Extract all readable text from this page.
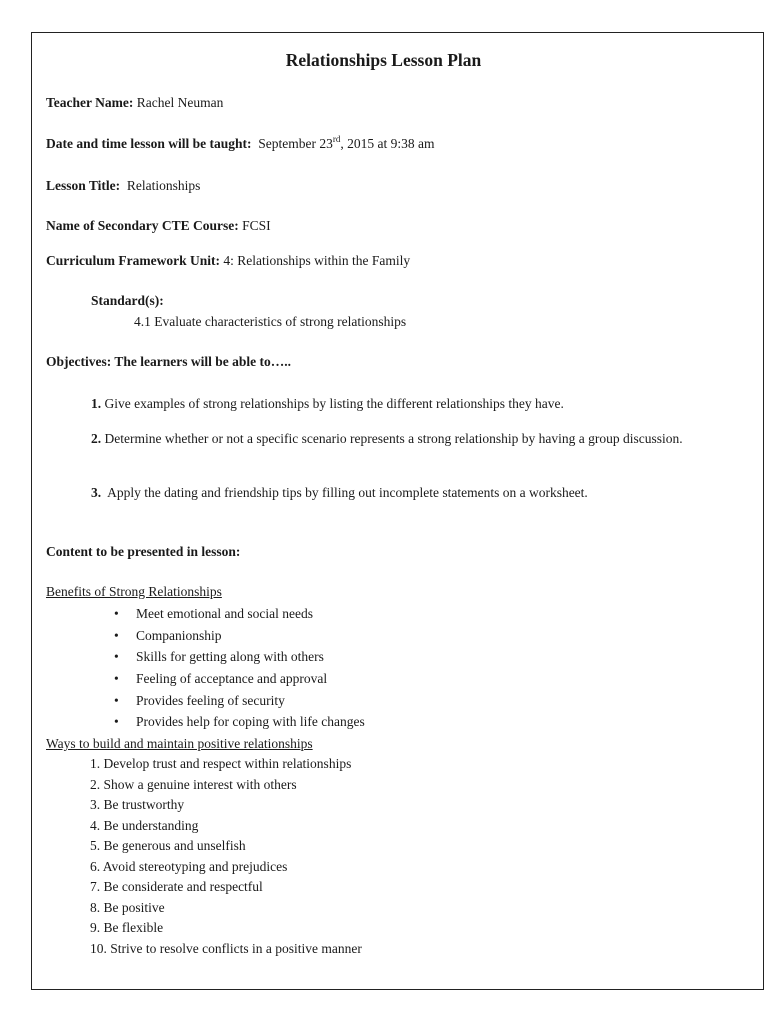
Relationships Lesson Plan
Teacher Name: Rachel Neuman
Date and time lesson will be taught: September 23rd, 2015 at 9:38 am
Lesson Title: Relationships
Name of Secondary CTE Course: FCSI
Curriculum Framework Unit: 4: Relationships within the Family
Standard(s):
4.1 Evaluate characteristics of strong relationships
Objectives: The learners will be able to…..
1. Give examples of strong relationships by listing the different relationships they have.
2. Determine whether or not a specific scenario represents a strong relationship by having a group discussion.
3. Apply the dating and friendship tips by filling out incomplete statements on a worksheet.
Content to be presented in lesson:
Benefits of Strong Relationships
• Meet emotional and social needs
• Companionship
• Skills for getting along with others
• Feeling of acceptance and approval
• Provides feeling of security
• Provides help for coping with life changes
Ways to build and maintain positive relationships
1. Develop trust and respect within relationships
2. Show a genuine interest with others
3. Be trustworthy
4. Be understanding
5. Be generous and unselfish
6. Avoid stereotyping and prejudices
7. Be considerate and respectful
8. Be positive
9. Be flexible
10. Strive to resolve conflicts in a positive manner
